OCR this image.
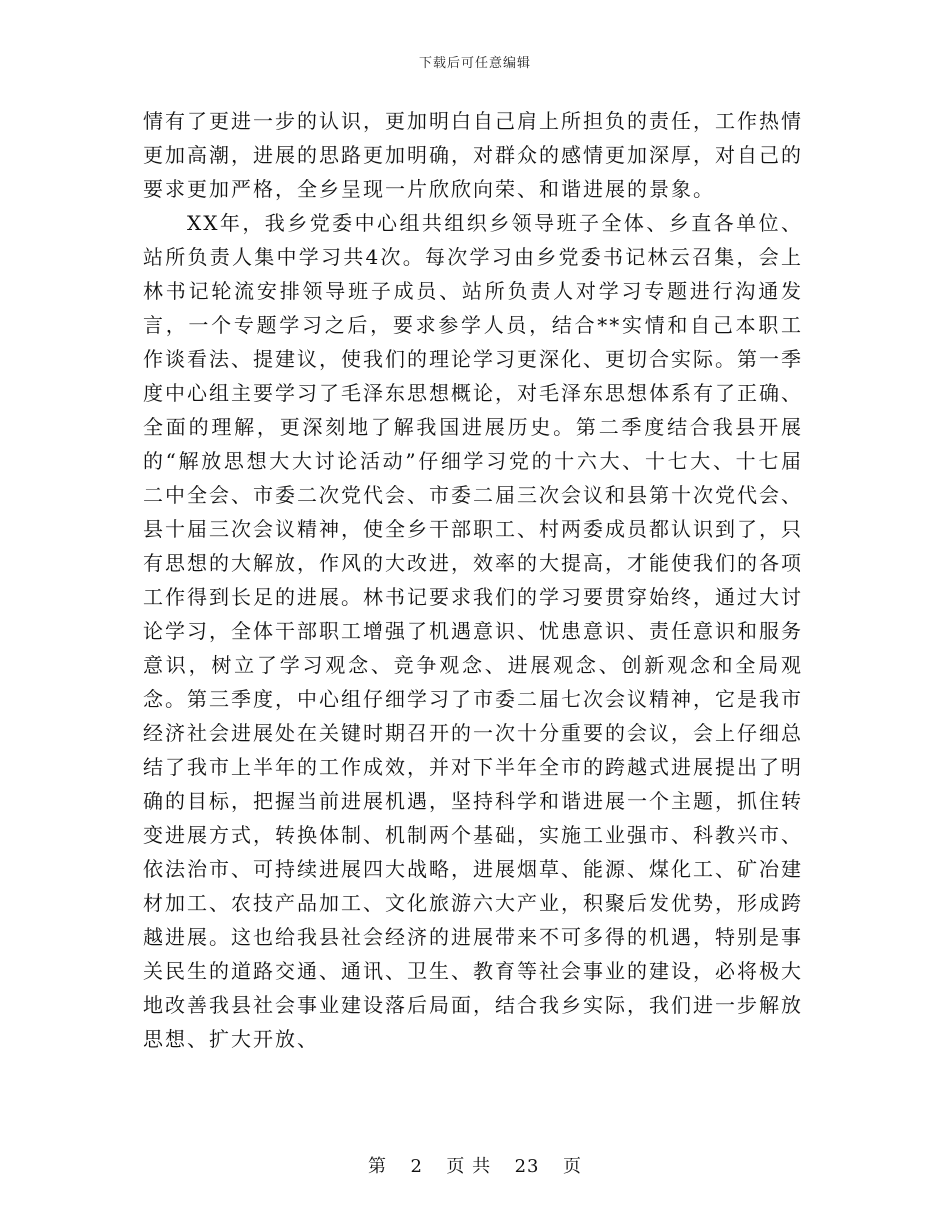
下载后可任意编辑

情有了更进一步的认识，更加明白自己肩上所担负的责任，工作热情更加高潮，进展的思路更加明确，对群众的感情更加深厚，对自己的要求更加严格，全乡呈现一片欣欣向荣、和谐进展的景象。

XX年，我乡党委中心组共组织乡领导班子全体、乡直各单位、站所负责人集中学习共4次。每次学习由乡党委书记林云召集，会上林书记轮流安排领导班子成员、站所负责人对学习专题进行沟通发言，一个专题学习之后，要求参学人员，结合**实情和自己本职工作谈看法、提建议，使我们的理论学习更深化、更切合实际。第一季度中心组主要学习了毛泽东思想概论，对毛泽东思想体系有了正确、全面的理解，更深刻地了解我国进展历史。第二季度结合我县开展的“解放思想大大讨论活动”仔细学习党的十六大、十七大、十七届二中全会、市委二次党代会、市委二届三次会议和县第十次党代会、县十届三次会议精神，使全乡干部职工、村两委成员都认识到了，只有思想的大解放，作风的大改进，效率的大提高，才能使我们的各项工作得到长足的进展。林书记要求我们的学习要贯穿始终，通过大讨论学习，全体干部职工增强了机遇意识、忧患意识、责任意识和服务意识，树立了学习观念、竞争观念、进展观念、创新观念和全局观念。第三季度，中心组仔细学习了市委二届七次会议精神，它是我市经济社会进展处在关键时期召开的一次十分重要的会议，会上仔细总结了我市上半年的工作成效，并对下半年全市的跨越式进展提出了明确的目标，把握当前进展机遇，坚持科学和谐进展一个主题，抓住转变进展方式，转换体制、机制两个基础，实施工业强市、科教兴市、依法治市、可持续进展四大战略，进展烟草、能源、煤化工、矿冶建材加工、农技产品加工、文化旅游六大产业，积聚后发优势，形成跨越进展。这也给我县社会经济的进展带来不可多得的机遇，特别是事关民生的道路交通、通讯、卫生、教育等社会事业的建设，必将极大地改善我县社会事业建设落后局面，结合我乡实际，我们进一步解放思想、扩大开放、

第 2 页 共 23 页
